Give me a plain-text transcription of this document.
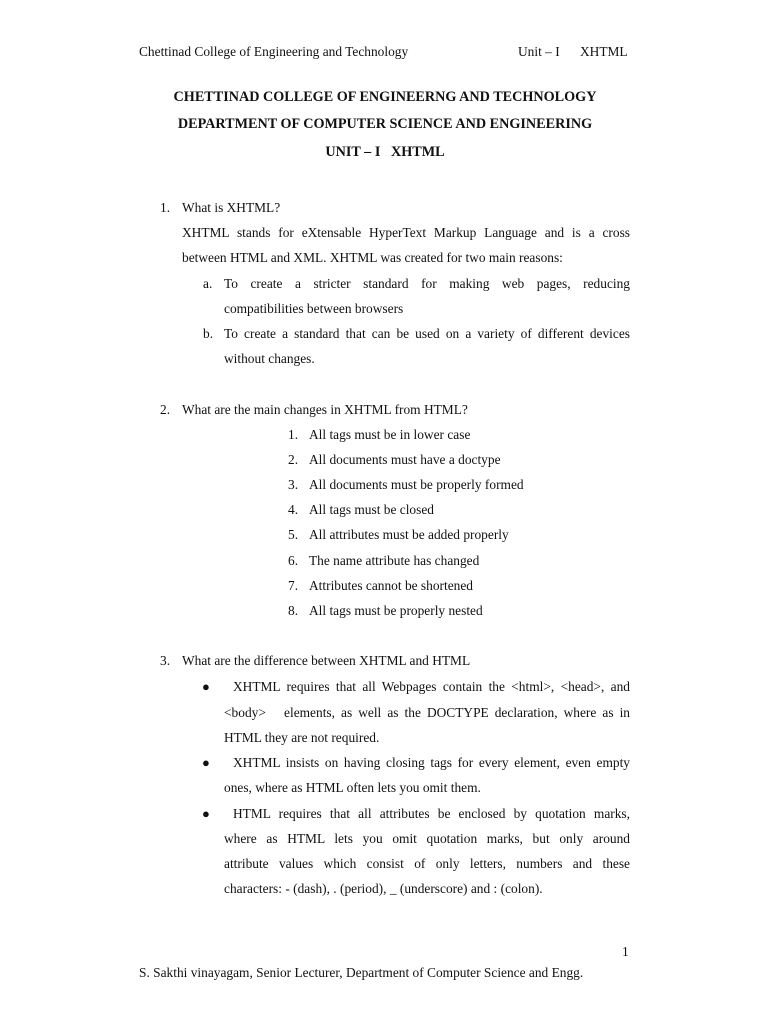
Chettinad College of Engineering and Technology	Unit – I XHTML
CHETTINAD COLLEGE OF ENGINEERNG AND TECHNOLOGY
DEPARTMENT OF COMPUTER SCIENCE AND ENGINEERING
UNIT – I   XHTML
1. What is XHTML?
XHTML stands for eXtensable HyperText Markup Language and is a cross
between HTML and XML. XHTML was created for two main reasons:
a. To create a stricter standard for making web pages, reducing
compatibilities between browsers
b. To create a standard that can be used on a variety of different devices
without changes.
2. What are the main changes in XHTML from HTML?
1. All tags must be in lower case
2. All documents must have a doctype
3. All documents must be properly formed
4. All tags must be closed
5. All attributes must be added properly
6. The name attribute has changed
7. Attributes cannot be shortened
8. All tags must be properly nested
3. What are the difference between XHTML and HTML
●	XHTML requires that all Webpages contain the <html>, <head>, and
<body>   elements, as well as the DOCTYPE declaration, where as in
HTML they are not required.
●	XHTML insists on having closing tags for every element, even empty
ones, where as HTML often lets you omit them.
●	HTML requires that all attributes be enclosed by quotation marks,
where as HTML lets you omit quotation marks, but only around
attribute values which consist of only letters, numbers and these
characters: - (dash), . (period), _ (underscore) and : (colon).
1
S. Sakthi vinayagam, Senior Lecturer, Department of Computer Science and Engg.
